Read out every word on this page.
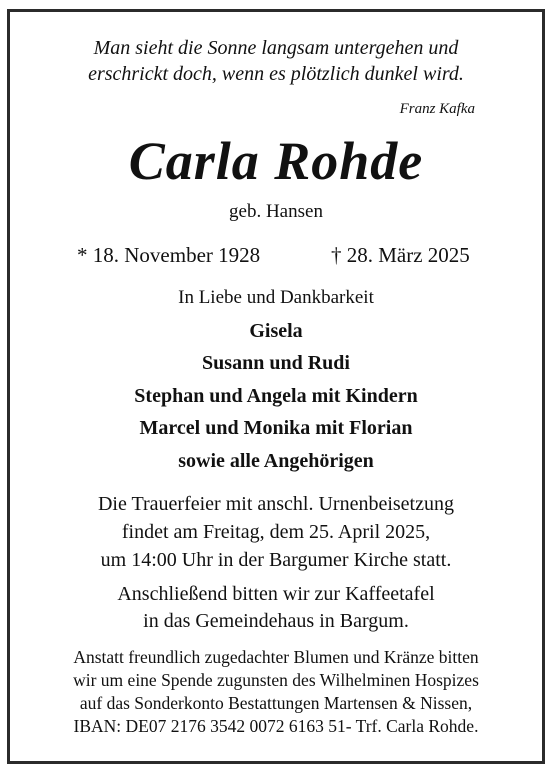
Man sieht die Sonne langsam untergehen und
erschrickt doch, wenn es plötzlich dunkel wird.
Franz Kafka
Carla Rohde
geb. Hansen
* 18. November 1928	† 28. März 2025
In Liebe und Dankbarkeit
Gisela
Susann und Rudi
Stephan und Angela mit Kindern
Marcel und Monika mit Florian
sowie alle Angehörigen
Die Trauerfeier mit anschl. Urnenbeisetzung
findet am Freitag, dem 25. April 2025,
um 14:00 Uhr in der Bargumer Kirche statt.
Anschließend bitten wir zur Kaffeetafel
in das Gemeindehaus in Bargum.
Anstatt freundlich zugedachter Blumen und Kränze bitten
wir um eine Spende zugunsten des Wilhelminen Hospizes
auf das Sonderkonto Bestattungen Martensen & Nissen,
IBAN: DE07 2176 3542 0072 6163 51- Trf. Carla Rohde.
